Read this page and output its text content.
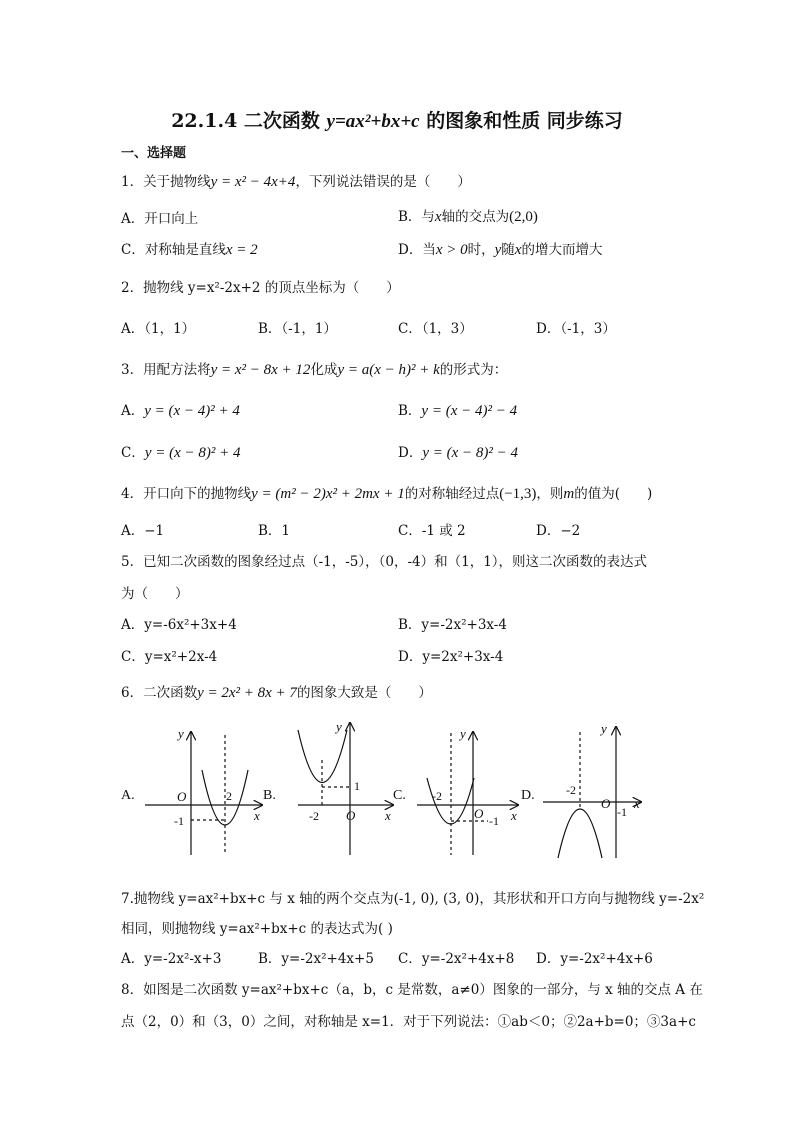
22.1.4 二次函数 y=ax²+bx+c 的图象和性质 同步练习
一、选择题
1．关于抛物线y = x² − 4x+4，下列说法错误的是（　　）
A．开口向上	B．与x轴的交点为(2,0)
C．对称轴是直线x = 2	D．当x > 0时，y随x的增大而增大
2．抛物线 y=x²-2x+2 的顶点坐标为（　　）
A．（1，1）	B．（-1，1）	C．（1，3）	D．（-1，3）
3．用配方法将y = x² − 8x + 12化成y = a(x − h)² + k的形式为：
A．y = (x − 4)² + 4	B．y = (x − 4)² − 4
C．y = (x − 8)² + 4	D．y = (x − 8)² − 4
4．开口向下的抛物线y = (m² − 2)x² + 2mx + 1的对称轴经过点(−1,3)，则m的值为(　　)
A．−1	B．1	C．-1 或 2	D．−2
5．已知二次函数的图象经过点（-1，-5），（0，-4）和（1，1），则这二次函数的表达式
为（　　）
A．y=-6x²+3x+4	B．y=-2x²+3x-4
C．y=x²+2x-4	D．y=2x²+3x-4
6．二次函数y = 2x² + 8x + 7的图象大致是（　　）
A.	B.	C.	D.
y
x
O	2
-1
y
x
O
1
-2
y
x
O
-2
-1
y
x
O
-2
-1
7.抛物线 y=ax²+bx+c 与 x 轴的两个交点为(-1, 0), (3, 0)，其形状和开口方向与抛物线 y=-2x²
相同，则抛物线 y=ax²+bx+c 的表达式为( )
A．y=-2x²-x+3	B．y=-2x²+4x+5 C．y=-2x²+4x+8 D．y=-2x²+4x+6
8．如图是二次函数 y=ax²+bx+c（a，b，c 是常数，a≠0）图象的一部分，与 x 轴的交点 A 在
点（2，0）和（3，0）之间，对称轴是 x=1．对于下列说法：①ab＜0；②2a+b=0；③3a+c
